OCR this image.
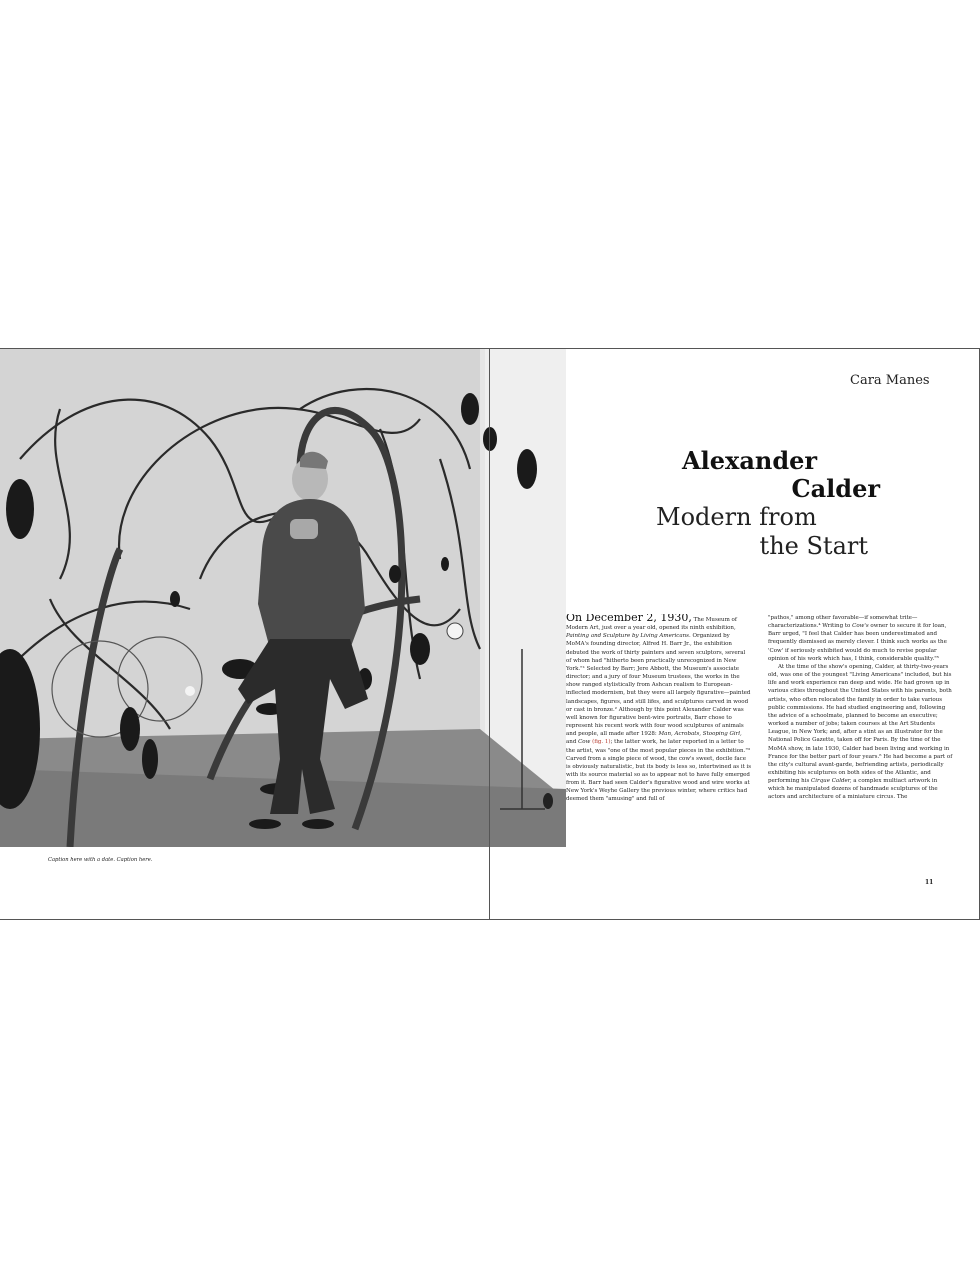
Caption here with a date. Caption here.
Cara Manes
Alexander
Calder
Modern from
the Start

On December 2, 1930, The Museum of Modern Art, just over a year old, opened its ninth exhibition, Painting and Sculpture by Living Americans. Organized by MoMA's founding director, Alfred H. Barr Jr., the exhibition debuted the work of thirty painters and seven sculptors, several of whom had "hitherto been practically unrecognized in New York."¹ Selected by Barr; Jere Abbott, the Museum's associate director; and a jury of four Museum trustees, the works in the show ranged stylistically from Ashcan realism to European-inflected modernism, but they were all largely figurative—painted landscapes, figures, and still lifes, and sculptures carved in wood or cast in bronze.² Although by this point Alexander Calder was well known for figurative bent-wire portraits, Barr chose to represent his recent work with four wood sculptures of animals and people, all made after 1928: Man, Acrobats, Stooping Girl, and Cow (fig. 1); the latter work, he later reported in a letter to the artist, was "one of the most popular pieces in the exhibition."³ Carved from a single piece of wood, the cow's sweet, docile face is obviously naturalistic, but its body is less so, intertwined as it is with its source material so as to appear not to have fully emerged from it. Barr had seen Calder's figurative wood and wire works at New York's Weyhe Gallery the previous winter, where critics had deemed them "amusing" and full of

"pathos," among other favorable—if somewhat trite—characterizations.⁴ Writing to Cow's owner to secure it for loan, Barr urged, "I feel that Calder has been underestimated and frequently dismissed as merely clever. I think such works as the 'Cow' if seriously exhibited would do much to revise popular opinion of his work which has, I think, considerable quality."⁵

At the time of the show's opening, Calder, at thirty-two-years old, was one of the youngest "Living Americans" included, but his life and work experience ran deep and wide. He had grown up in various cities throughout the United States with his parents, both artists, who often relocated the family in order to take various public commissions. He had studied engineering and, following the advice of a schoolmate, planned to become an executive; worked a number of jobs; taken courses at the Art Students League, in New York; and, after a stint as an illustrator for the National Police Gazette, taken off for Paris. By the time of the MoMA show, in late 1930, Calder had been living and working in France for the better part of four years.⁶ He had become a part of the city's cultural avant-garde, befriending artists, periodically exhibiting his sculptures on both sides of the Atlantic, and performing his Cirque Calder, a complex multiact artwork in which he manipulated dozens of handmade sculptures of the actors and architecture of a miniature circus. The

11
